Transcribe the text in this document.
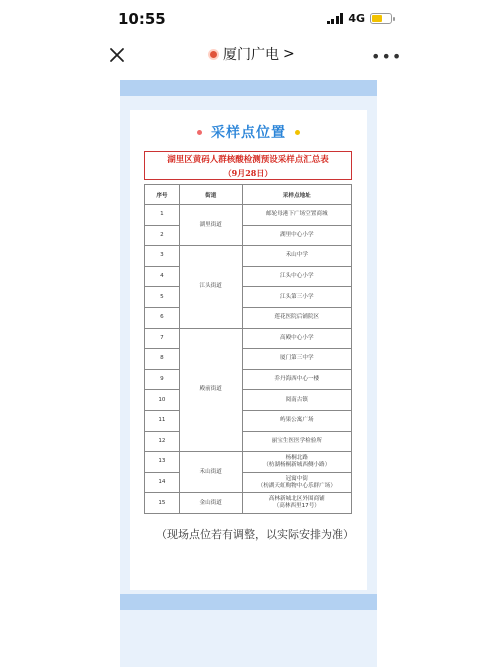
10:55	4G
厦门广电 >	•••
采样点位置
湖里区黄码人群核酸检测预设采样点汇总表
（9月28日）
序号	街道	采样点地址
1	湖里街道	邮轮母港下广场空置商城

2		湖里中心小学

3	江头街道	禾山中学

4		江头中心小学

5		江头第三小学

6		莲花医院后铺院区

7	殿前街道	高殿中心小学

8		厦门第三中学

9		乔丹海西中心一楼

10		阅南古镇

11		屿果公寓广场

12		丽宝生医医学检验所

13	禾山街道	杨桐北路
（枋湖杨桐新城西侧小路）

14		冠寓中街
（枋湖天虹购物中心乐群广场）

15	金山街道	高林新城北区外围商铺
（高林西里17号）
（现场点位若有调整，以实际安排为准）
